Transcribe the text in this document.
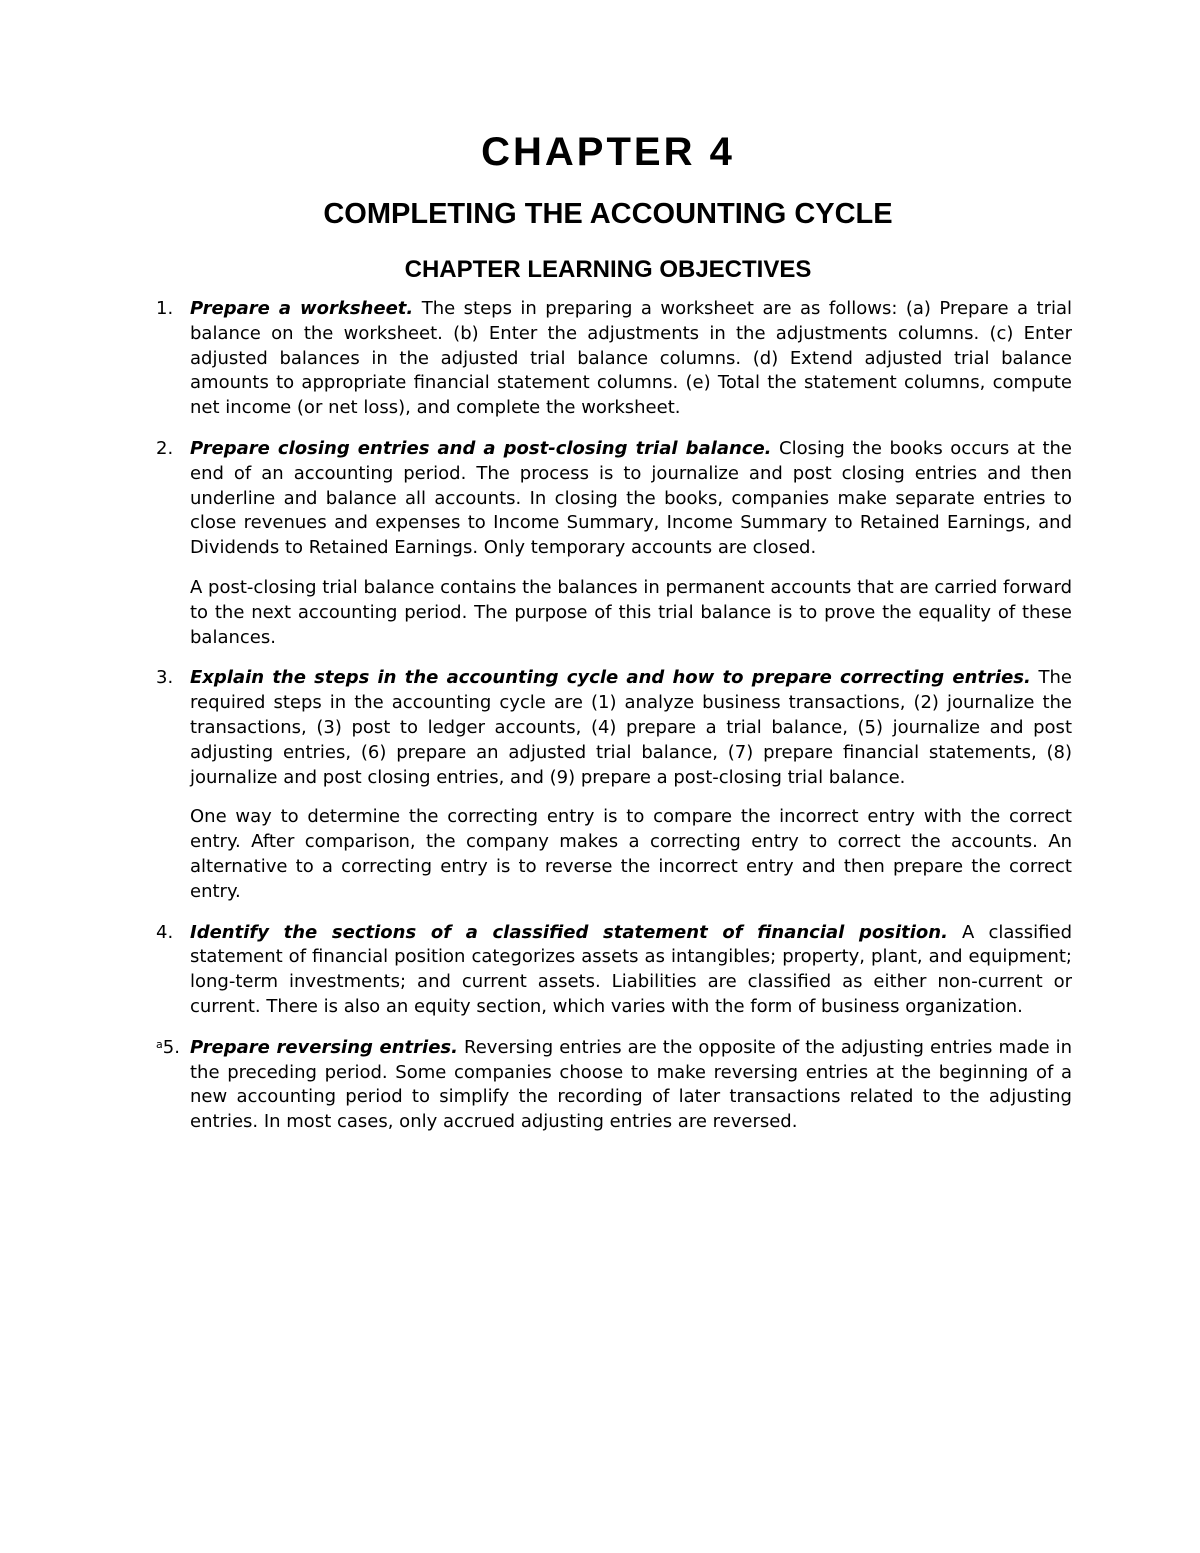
CHAPTER 4
COMPLETING THE ACCOUNTING CYCLE
CHAPTER LEARNING OBJECTIVES
1. Prepare a worksheet. The steps in preparing a worksheet are as follows: (a) Prepare a trial balance on the worksheet. (b) Enter the adjustments in the adjustments columns. (c) Enter adjusted balances in the adjusted trial balance columns. (d) Extend adjusted trial balance amounts to appropriate financial statement columns. (e) Total the statement columns, compute net income (or net loss), and complete the worksheet.

2. Prepare closing entries and a post-closing trial balance. Closing the books occurs at the end of an accounting period. The process is to journalize and post closing entries and then underline and balance all accounts. In closing the books, companies make separate entries to close revenues and expenses to Income Summary, Income Summary to Retained Earnings, and Dividends to Retained Earnings. Only temporary accounts are closed.

A post-closing trial balance contains the balances in permanent accounts that are carried forward to the next accounting period. The purpose of this trial balance is to prove the equality of these balances.

3. Explain the steps in the accounting cycle and how to prepare correcting entries. The required steps in the accounting cycle are (1) analyze business transactions, (2) journalize the transactions, (3) post to ledger accounts, (4) prepare a trial balance, (5) journalize and post adjusting entries, (6) prepare an adjusted trial balance, (7) prepare financial statements, (8) journalize and post closing entries, and (9) prepare a post-closing trial balance.

One way to determine the correcting entry is to compare the incorrect entry with the correct entry. After comparison, the company makes a correcting entry to correct the accounts. An alternative to a correcting entry is to reverse the incorrect entry and then prepare the correct entry.

4. Identify the sections of a classified statement of financial position. A classified statement of financial position categorizes assets as intangibles; property, plant, and equipment; long-term investments; and current assets. Liabilities are classified as either non-current or current. There is also an equity section, which varies with the form of business organization.

$^a$5. Prepare reversing entries. Reversing entries are the opposite of the adjusting entries made in the preceding period. Some companies choose to make reversing entries at the beginning of a new accounting period to simplify the recording of later transactions related to the adjusting entries. In most cases, only accrued adjusting entries are reversed.
